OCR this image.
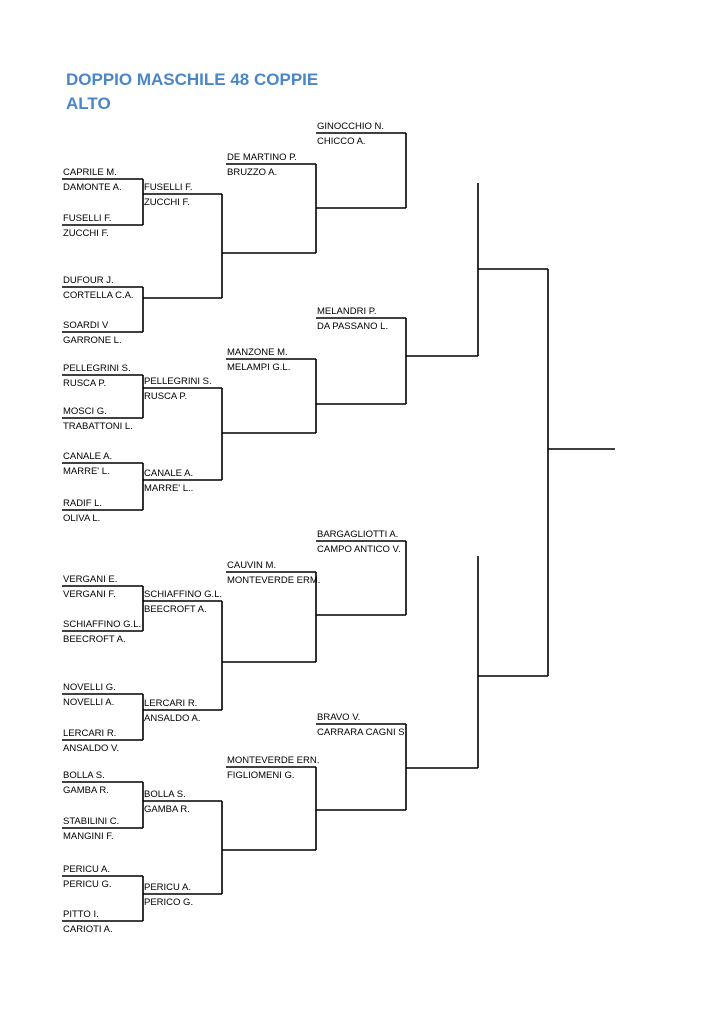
DOPPIO MASCHILE 48 COPPIE
ALTO
CAPRILE M.
DAMONTE A.
FUSELLI F.
ZUCCHI F.
DUFOUR J.
CORTELLA C.A.
SOARDI V
GARRONE L.
PELLEGRINI S.
RUSCA P.
MOSCI G.
TRABATTONI L.
CANALE A.
MARRE' L.
RADIF L.
OLIVA L.
VERGANI E.
VERGANI F.
SCHIAFFINO G.L.
BEECROFT A.
NOVELLI G.
NOVELLI A.
LERCARI R.
ANSALDO V.
BOLLA S.
GAMBA R.
STABILINI C.
MANGINI F.
PERICU A.
PERICU G.
PITTO I.
CARIOTI A.
FUSELLI F.
ZUCCHI F.
PELLEGRINI S.
RUSCA P.
CANALE A.
MARRE' L..
SCHIAFFINO G.L.
BEECROFT A.
LERCARI R.
ANSALDO A.
BOLLA S.
GAMBA R.
PERICU A.
PERICO G.
DE MARTINO P.
BRUZZO A.
MANZONE M.
MELAMPI G.L.
CAUVIN M.
MONTEVERDE ERM.
MONTEVERDE ERN.
FIGLIOMENI G.
GINOCCHIO N.
CHICCO A.
MELANDRI P.
DA PASSANO L.
BARGAGLIOTTI A.
CAMPO ANTICO V.
BRAVO V.
CARRARA CAGNI S.
